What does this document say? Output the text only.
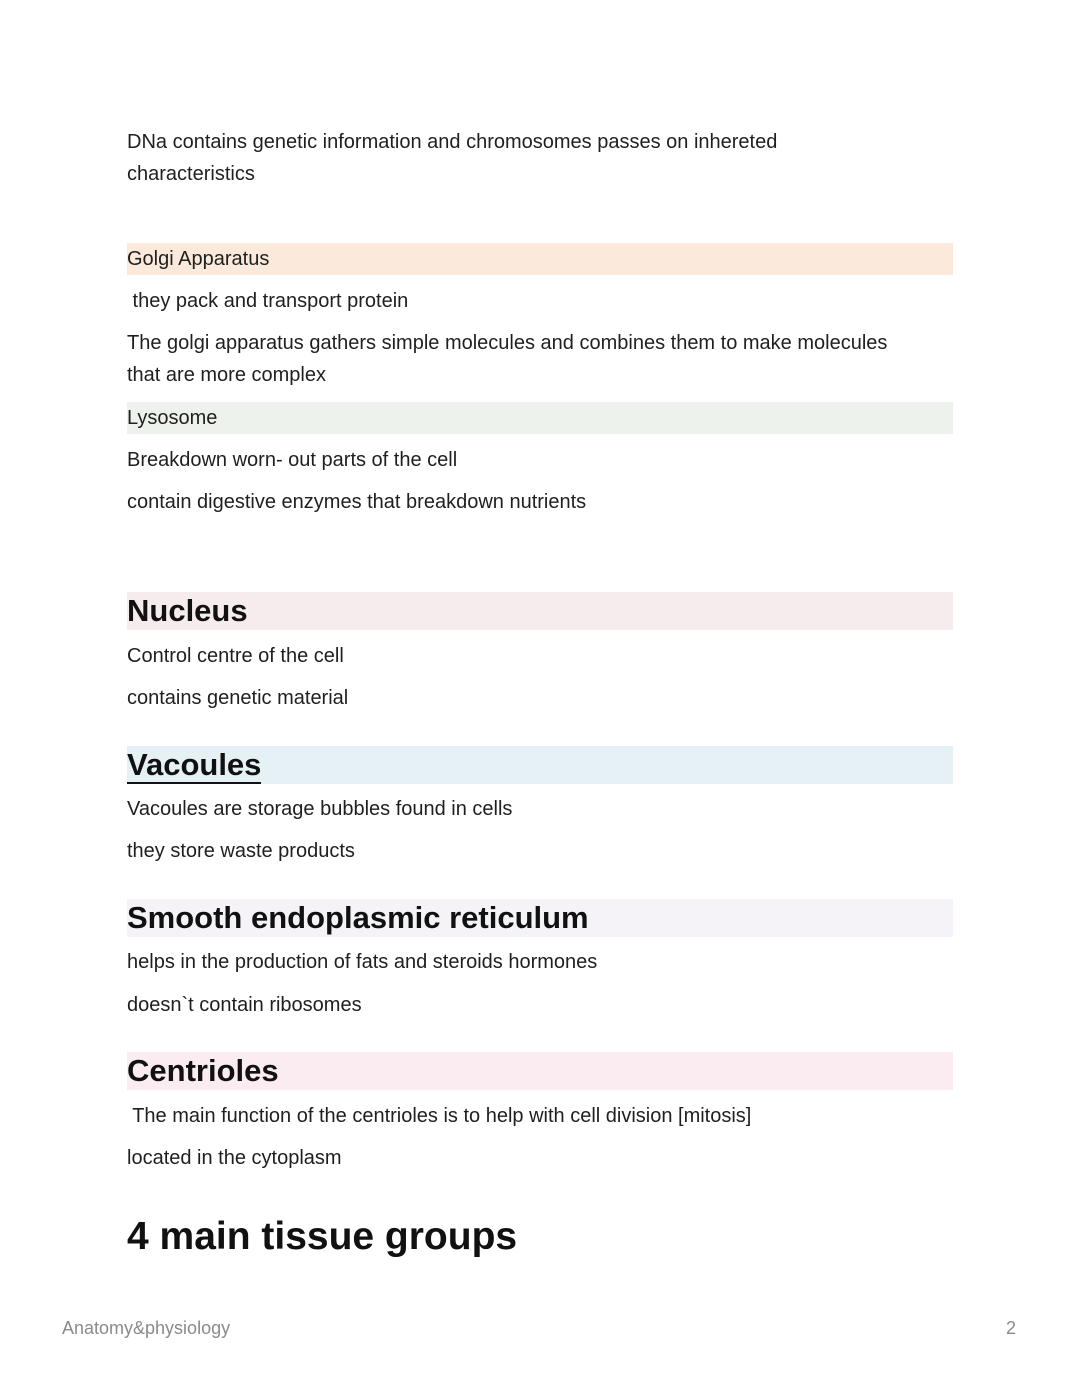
DNa contains genetic information and chromosomes passes on inhereted
characteristics

Golgi Apparatus

they pack and transport protein

The golgi apparatus gathers simple molecules and combines them to make molecules
that are more complex

Lysosome

Breakdown worn- out parts of the cell

contain digestive enzymes that breakdown nutrients

Nucleus

Control centre of the cell

contains genetic material

Vacoules

Vacoules are storage bubbles found in cells

they store waste products

Smooth endoplasmic reticulum

helps in the production of fats and steroids hormones

doesn`t contain ribosomes

Centrioles

The main function of the centrioles is to help with cell division [mitosis]

located in the cytoplasm

4 main tissue groups
Anatomy&physiology	2
